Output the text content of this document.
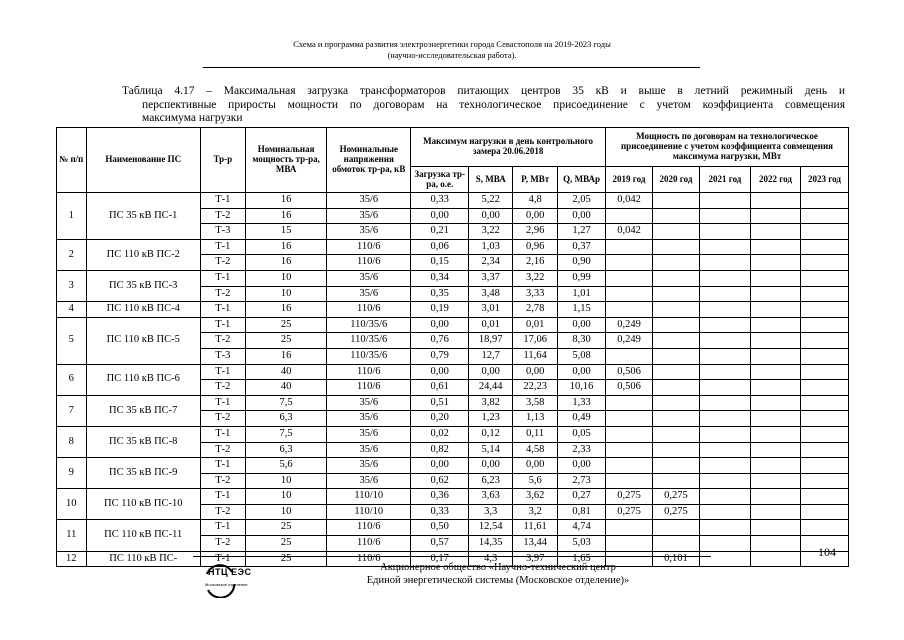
Схема и программа развития электроэнергетики города Севастополя на 2019-2023 годы
(научно-исследовательская работа).
Таблица 4.17 – Максимальная загрузка трансформаторов питающих центров 35 кВ и выше в летний режимный день и
перспективные приросты мощности по договорам на технологическое присоединение с учетом коэффициента совмещения
максимума нагрузки
№ п/п	Наименование ПС	Тр-р	Номинальная мощность тр-ра, МВА	Номинальные напряжения обмоток тр-ра, кВ	Максимум нагрузки в день контрольного замера 20.06.2018				Мощность по договорам на технологическое присоединение с учетом коэффициента совмещения максимума нагрузки, МВт				
					Загрузка тр-ра, о.е.	S, МВА	P, МВт	Q, МВАр	2019 год	2020 год	2021 год	2022 год	2023 год
1	ПС 35 кВ ПС-1	Т-1	16	35/6	0,33	5,22	4,8	2,05	0,042				
		Т-2	16	35/6	0,00	0,00	0,00	0,00					
		Т-3	15	35/6	0,21	3,22	2,96	1,27	0,042				
2	ПС 110 кВ ПС-2	Т-1	16	110/6	0,06	1,03	0,96	0,37					
		Т-2	16	110/6	0,15	2,34	2,16	0,90					
3	ПС 35 кВ ПС-3	Т-1	10	35/6	0,34	3,37	3,22	0,99					
		Т-2	10	35/6	0,35	3,48	3,33	1,01					
4	ПС 110 кВ ПС-4	Т-1	16	110/6	0,19	3,01	2,78	1,15					
5	ПС 110 кВ ПС-5	Т-1	25	110/35/6	0,00	0,01	0,01	0,00	0,249				
		Т-2	25	110/35/6	0,76	18,97	17,06	8,30	0,249				
		Т-3	16	110/35/6	0,79	12,7	11,64	5,08					
6	ПС 110 кВ ПС-6	Т-1	40	110/6	0,00	0,00	0,00	0,00	0,506				
		Т-2	40	110/6	0,61	24,44	22,23	10,16	0,506				
7	ПС 35 кВ ПС-7	Т-1	7,5	35/6	0,51	3,82	3,58	1,33					
		Т-2	6,3	35/6	0,20	1,23	1,13	0,49					
8	ПС 35 кВ ПС-8	Т-1	7,5	35/6	0,02	0,12	0,11	0,05					
		Т-2	6,3	35/6	0,82	5,14	4,58	2,33					
9	ПС 35 кВ ПС-9	Т-1	5,6	35/6	0,00	0,00	0,00	0,00					
		Т-2	10	35/6	0,62	6,23	5,6	2,73					
10	ПС 110 кВ ПС-10	Т-1	10	110/10	0,36	3,63	3,62	0,27	0,275	0,275			
		Т-2	10	110/10	0,33	3,3	3,2	0,81	0,275	0,275			
11	ПС 110 кВ ПС-11	Т-1	25	110/6	0,50	12,54	11,61	4,74					
		Т-2	25	110/6	0,57	14,35	13,44	5,03					
12	ПС 110 кВ ПС-	Т-1	25	110/6	0,17	4,3	3,97	1,65		0,101				104
НТЦ ЕЭС
Московское отделение
Акционерное общество «Научно-технический центр
Единой энергетической системы (Московское отделение)»
